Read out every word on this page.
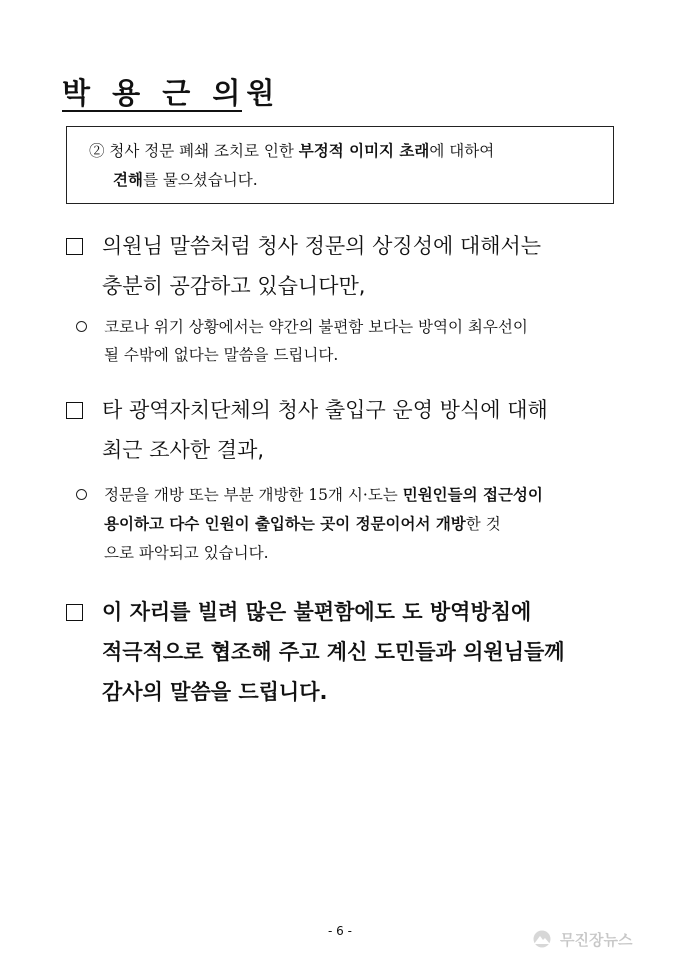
박 용 근 의원
② 청사 정문 폐쇄 조치로 인한 부정적 이미지 초래에 대하여
견해를 물으셨습니다.
의원님 말씀처럼 청사 정문의 상징성에 대해서는
충분히 공감하고 있습니다만,
코로나 위기 상황에서는 약간의 불편함 보다는 방역이 최우선이
될 수밖에 없다는 말씀을 드립니다.
타 광역자치단체의 청사 출입구 운영 방식에 대해
최근 조사한 결과,
정문을 개방 또는 부분 개방한 15개 시·도는 민원인들의 접근성이
용이하고 다수 인원이 출입하는 곳이 정문이어서 개방한 것
으로 파악되고 있습니다.
이 자리를 빌려 많은 불편함에도 도 방역방침에
적극적으로 협조해 주고 계신 도민들과 의원님들께
감사의 말씀을 드립니다.
- 6 -	무진장뉴스
